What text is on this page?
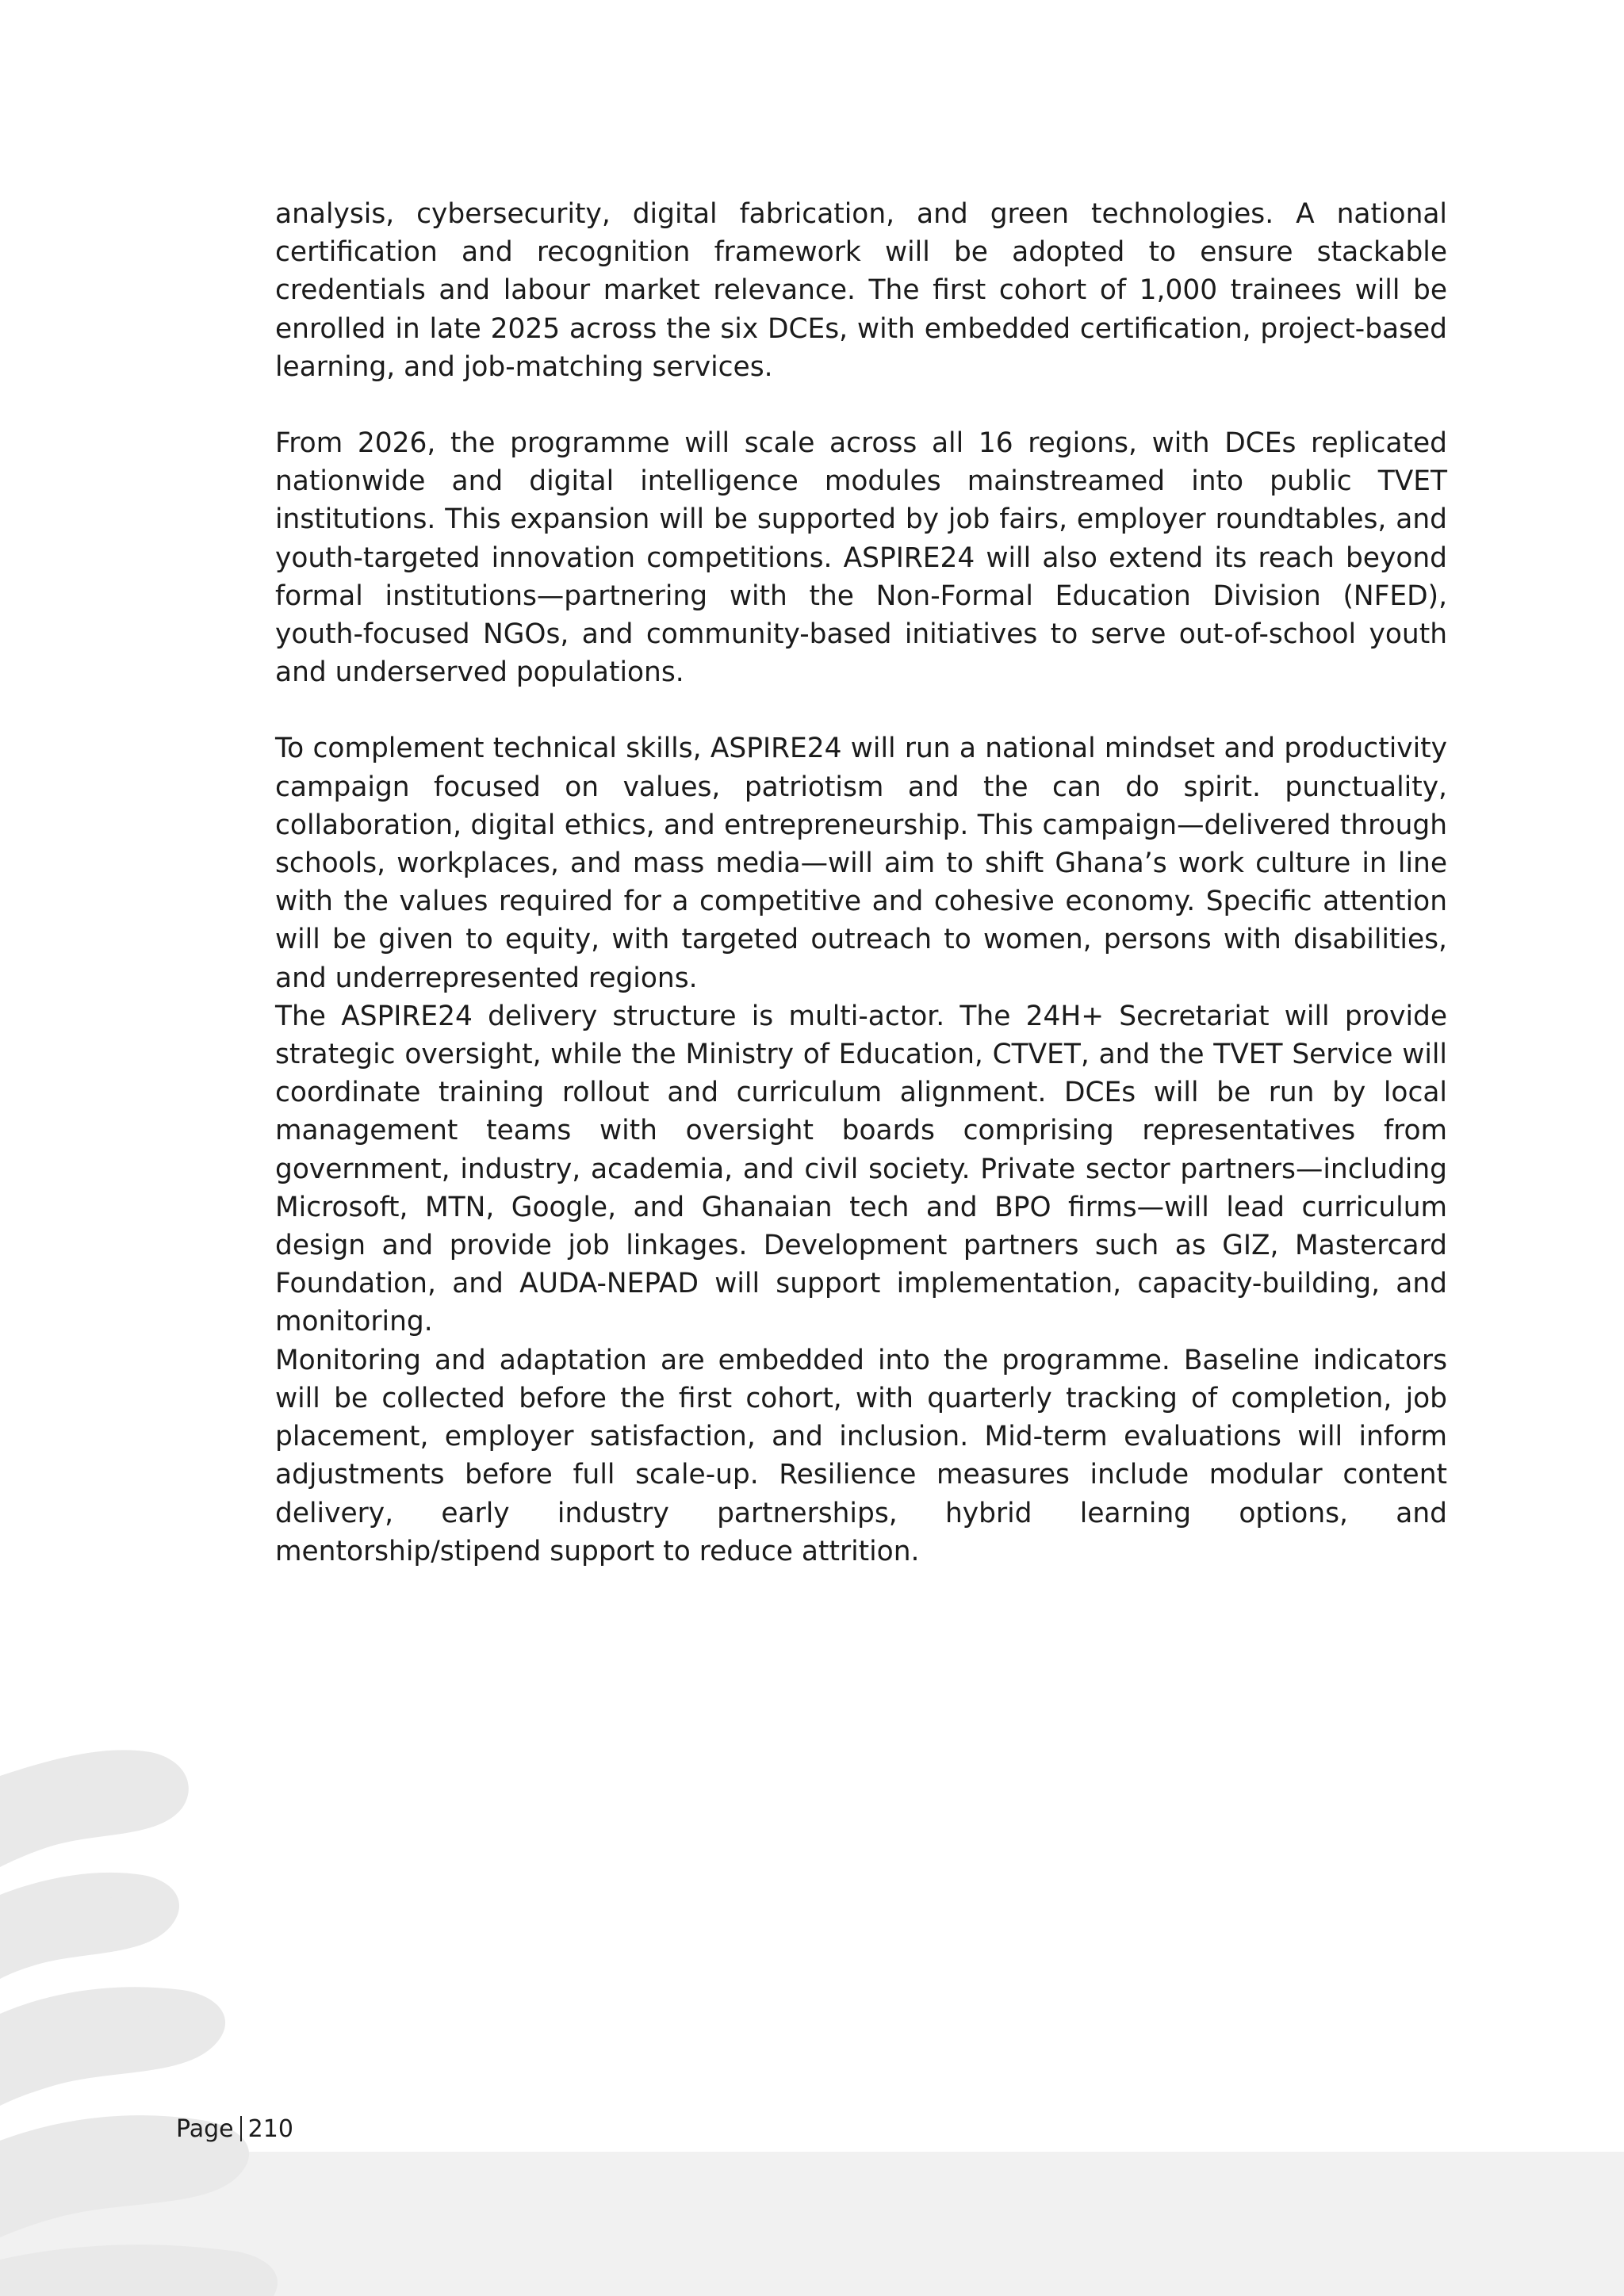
analysis, cybersecurity, digital fabrication, and green technologies. A national certification and recognition framework will be adopted to ensure stackable credentials and labour market relevance. The first cohort of 1,000 trainees will be enrolled in late 2025 across the six DCEs, with embedded certification, project-based learning, and job-matching services.

From 2026, the programme will scale across all 16 regions, with DCEs replicated nationwide and digital intelligence modules mainstreamed into public TVET institutions. This expansion will be supported by job fairs, employer roundtables, and youth-targeted innovation competitions. ASPIRE24 will also extend its reach beyond formal institutions—partnering with the Non-Formal Education Division (NFED), youth-focused NGOs, and community-based initiatives to serve out-of-school youth and underserved populations.

To complement technical skills, ASPIRE24 will run a national mindset and productivity campaign focused on values, patriotism and the can do spirit. punctuality, collaboration, digital ethics, and entrepreneurship. This campaign—delivered through schools, workplaces, and mass media—will aim to shift Ghana’s work culture in line with the values required for a competitive and cohesive economy. Specific attention will be given to equity, with targeted outreach to women, persons with disabilities, and underrepresented regions.

The ASPIRE24 delivery structure is multi-actor. The 24H+ Secretariat will provide strategic oversight, while the Ministry of Education, CTVET, and the TVET Service will coordinate training rollout and curriculum alignment. DCEs will be run by local management teams with oversight boards comprising representatives from government, industry, academia, and civil society. Private sector partners—including Microsoft, MTN, Google, and Ghanaian tech and BPO firms—will lead curriculum design and provide job linkages. Development partners such as GIZ, Mastercard Foundation, and AUDA-NEPAD will support implementation, capacity-building, and monitoring.

Monitoring and adaptation are embedded into the programme. Baseline indicators will be collected before the first cohort, with quarterly tracking of completion, job placement, employer satisfaction, and inclusion. Mid-term evaluations will inform adjustments before full scale-up. Resilience measures include modular content delivery, early industry partnerships, hybrid learning options, and mentorship/stipend support to reduce attrition.

Page 210
